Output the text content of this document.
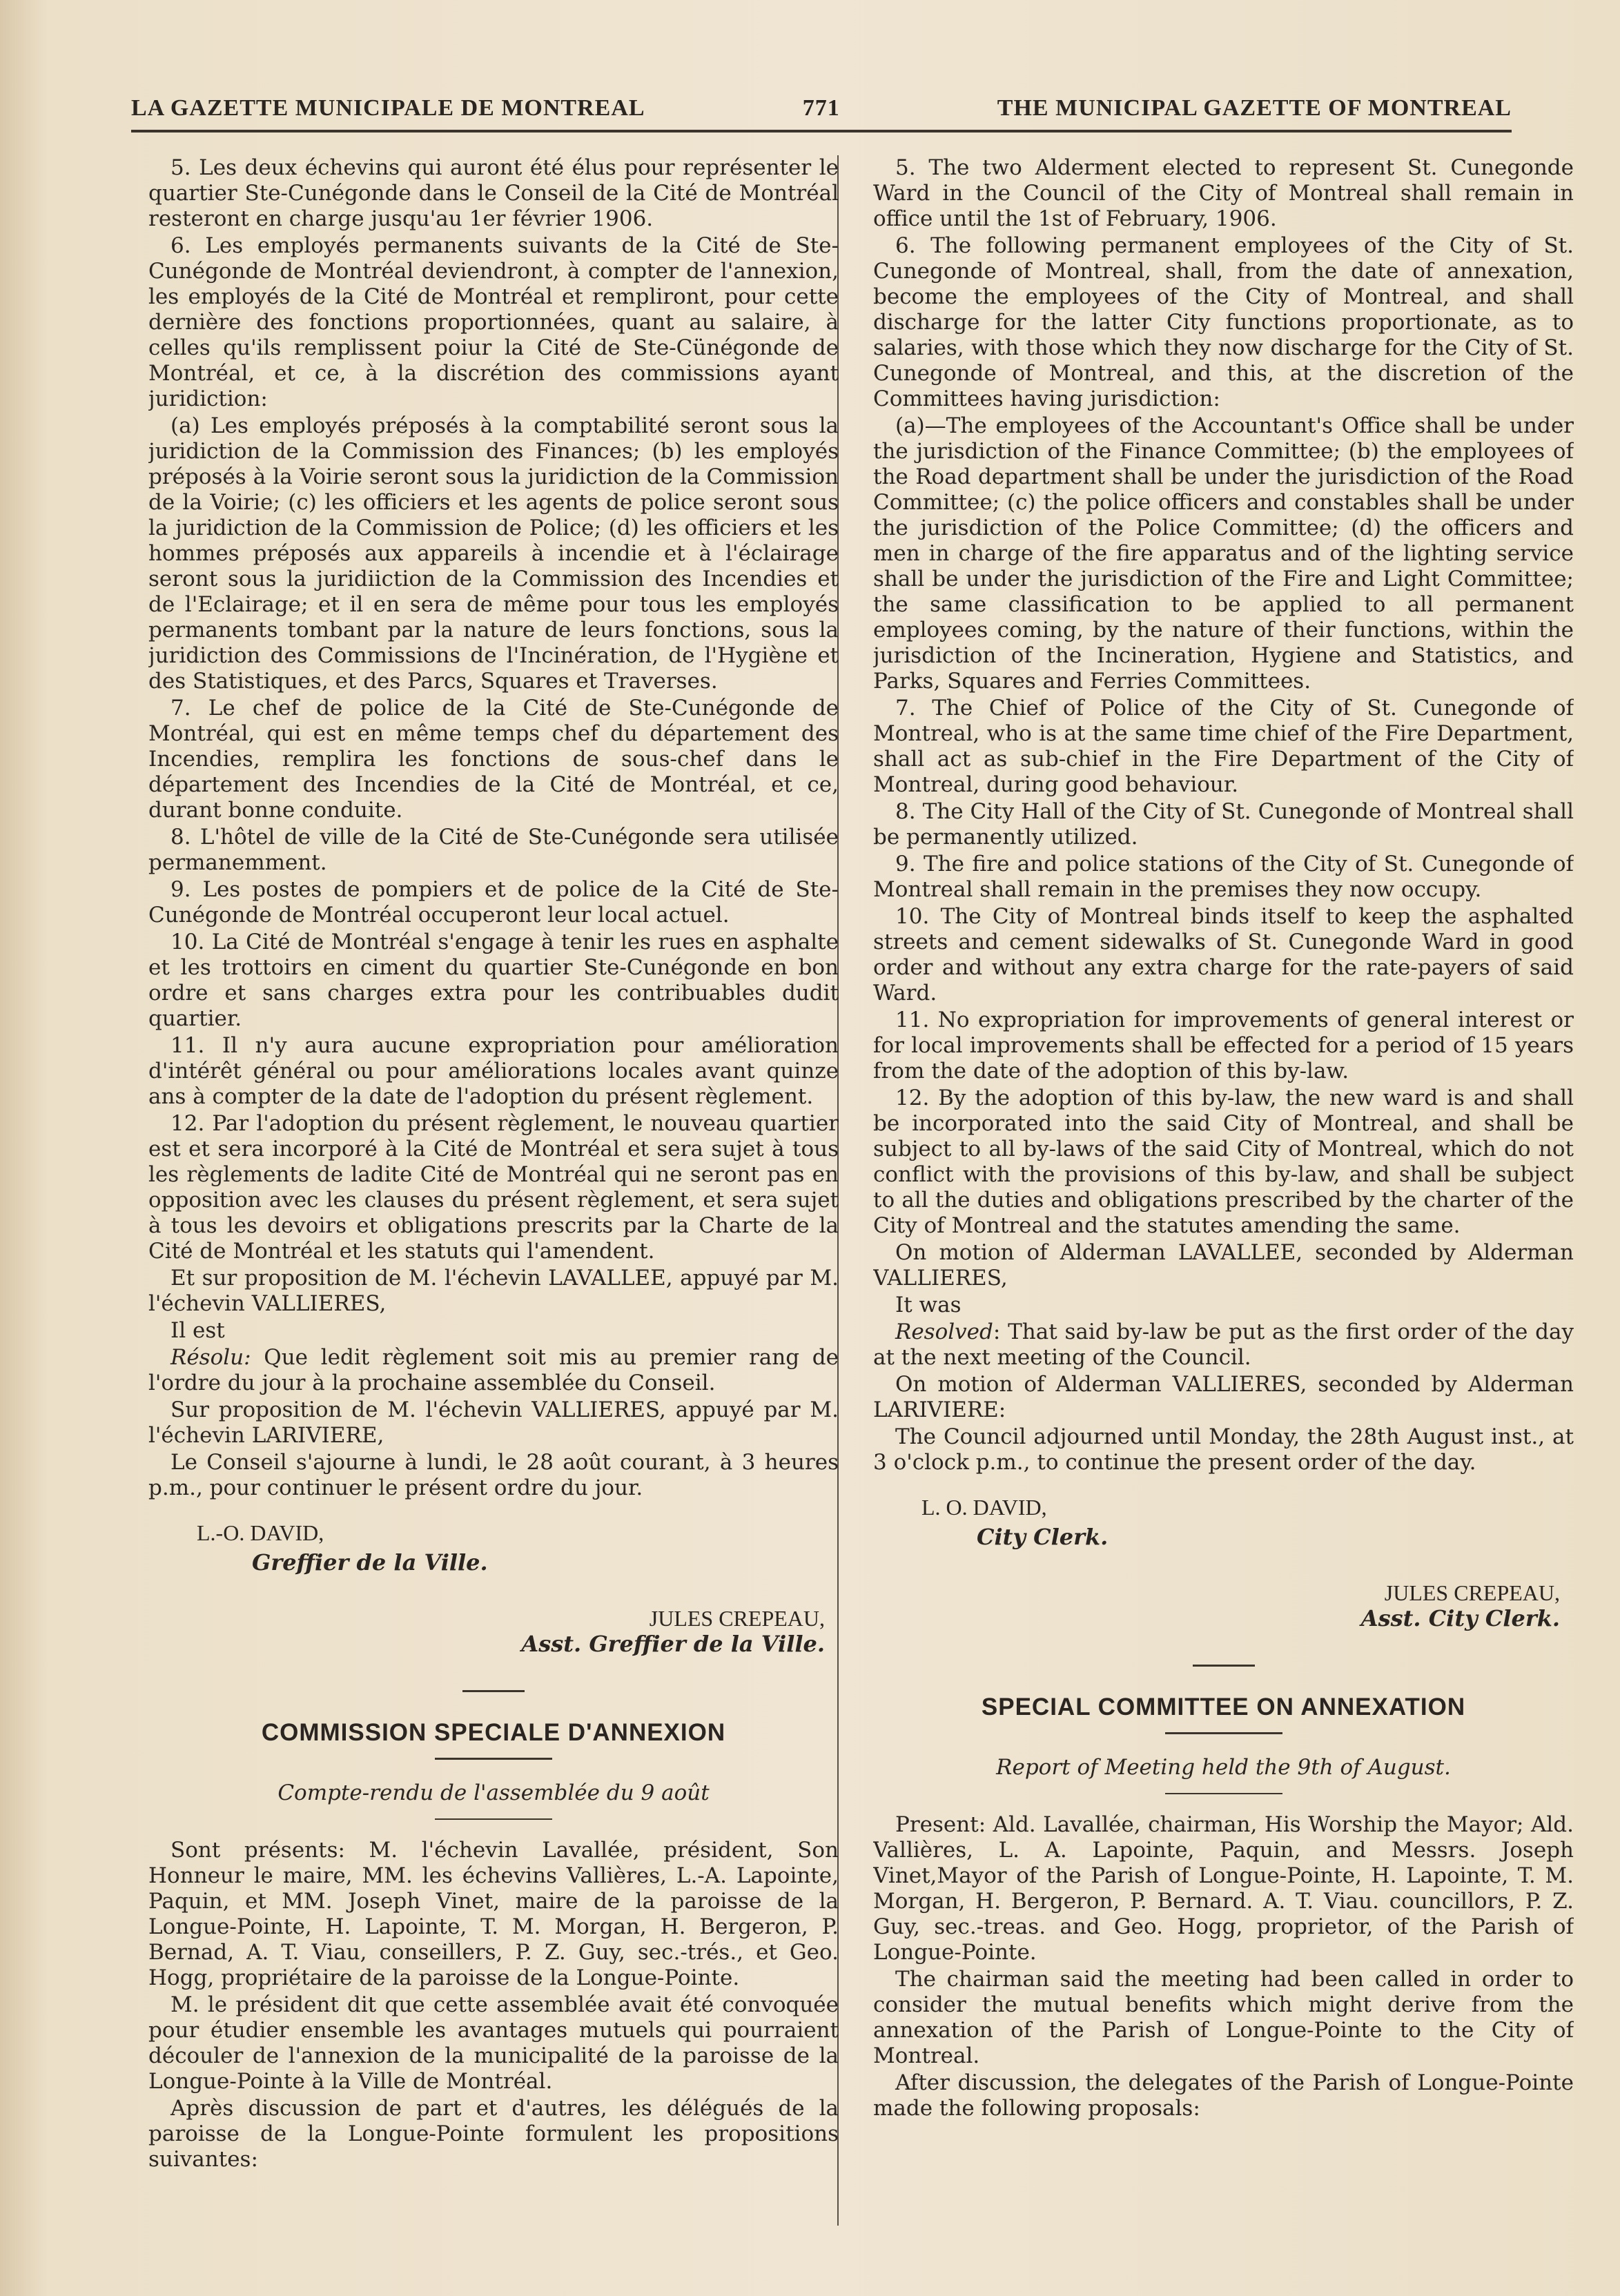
LA GAZETTE MUNICIPALE DE MONTREAL	771	THE MUNICIPAL GAZETTE OF MONTREAL

5. Les deux échevins qui auront été élus pour représenter le quartier Ste-Cunégonde dans le Conseil de la Cité de Montréal resteront en charge jusqu'au 1er février 1906.

6. Les employés permanents suivants de la Cité de Ste-Cunégonde de Montréal deviendront, à compter de l'annexion, les employés de la Cité de Montréal et rempliront, pour cette dernière des fonctions proportionnées, quant au salaire, à celles qu'ils remplissent poiur la Cité de Ste-Cünégonde de Montréal, et ce, à la discrétion des commissions ayant juridiction:

(a) Les employés préposés à la comptabilité seront sous la juridiction de la Commission des Finances; (b) les employés préposés à la Voirie seront sous la juridiction de la Commission de la Voirie; (c) les officiers et les agents de police seront sous la juridiction de la Commission de Police; (d) les officiers et les hommes préposés aux appareils à incendie et à l'éclairage seront sous la juridiiction de la Commission des Incendies et de l'Eclairage; et il en sera de même pour tous les employés permanents tombant par la nature de leurs fonctions, sous la juridiction des Commissions de l'Incinération, de l'Hygiène et des Statistiques, et des Parcs, Squares et Traverses.

7. Le chef de police de la Cité de Ste-Cunégonde de Montréal, qui est en même temps chef du département des Incendies, remplira les fonctions de sous-chef dans le département des Incendies de la Cité de Montréal, et ce, durant bonne conduite.

8. L'hôtel de ville de la Cité de Ste-Cunégonde sera utilisée permanemment.

9. Les postes de pompiers et de police de la Cité de Ste-Cunégonde de Montréal occuperont leur local actuel.

10. La Cité de Montréal s'engage à tenir les rues en asphalte et les trottoirs en ciment du quartier Ste-Cunégonde en bon ordre et sans charges extra pour les contribuables dudit quartier.

11. Il n'y aura aucune expropriation pour amélioration d'intérêt général ou pour améliorations locales avant quinze ans à compter de la date de l'adoption du présent règlement.

12. Par l'adoption du présent règlement, le nouveau quartier est et sera incorporé à la Cité de Montréal et sera sujet à tous les règlements de ladite Cité de Montréal qui ne seront pas en opposition avec les clauses du présent règlement, et sera sujet à tous les devoirs et obligations prescrits par la Charte de la Cité de Montréal et les statuts qui l'amendent.

Et sur proposition de M. l'échevin LAVALLEE, appuyé par M. l'échevin VALLIERES,

Il est

Résolu: Que ledit règlement soit mis au premier rang de l'ordre du jour à la prochaine assemblée du Conseil.

Sur proposition de M. l'échevin VALLIERES, appuyé par M. l'échevin LARIVIERE,

Le Conseil s'ajourne à lundi, le 28 août courant, à 3 heures p.m., pour continuer le présent ordre du jour.

L.-O. DAVID,
Greffier de la Ville.
JULES CREPEAU,
Asst. Greffier de la Ville.
COMMISSION SPECIALE D'ANNEXION
Compte-rendu de l'assemblée du 9 août

Sont présents: M. l'échevin Lavallée, président, Son Honneur le maire, MM. les échevins Vallières, L.-A. Lapointe, Paquin, et MM. Joseph Vinet, maire de la paroisse de la Longue-Pointe, H. Lapointe, T. M. Morgan, H. Bergeron, P. Bernad, A. T. Viau, conseillers, P. Z. Guy, sec.-trés., et Geo. Hogg, propriétaire de la paroisse de la Longue-Pointe.

M. le président dit que cette assemblée avait été convoquée pour étudier ensemble les avantages mutuels qui pourraient découler de l'annexion de la municipalité de la paroisse de la Longue-Pointe à la Ville de Montréal.

Après discussion de part et d'autres, les délégués de la paroisse de la Longue-Pointe formulent les propositions suivantes:

5. The two Alderment elected to represent St. Cunegonde Ward in the Council of the City of Montreal shall remain in office until the 1st of February, 1906.

6. The following permanent employees of the City of St. Cunegonde of Montreal, shall, from the date of annexation, become the employees of the City of Montreal, and shall discharge for the latter City functions proportionate, as to salaries, with those which they now discharge for the City of St. Cunegonde of Montreal, and this, at the discretion of the Committees having jurisdiction:

(a)—The employees of the Accountant's Office shall be under the jurisdiction of the Finance Committee; (b) the employees of the Road department shall be under the jurisdiction of the Road Committee; (c) the police officers and constables shall be under the jurisdiction of the Police Committee; (d) the officers and men in charge of the fire apparatus and of the lighting service shall be under the jurisdiction of the Fire and Light Committee; the same classification to be applied to all permanent employees coming, by the nature of their functions, within the jurisdiction of the Incineration, Hygiene and Statistics, and Parks, Squares and Ferries Committees.

7. The Chief of Police of the City of St. Cunegonde of Montreal, who is at the same time chief of the Fire Department, shall act as sub-chief in the Fire Department of the City of Montreal, during good behaviour.

8. The City Hall of the City of St. Cunegonde of Montreal shall be permanently utilized.

9. The fire and police stations of the City of St. Cunegonde of Montreal shall remain in the premises they now occupy.

10. The City of Montreal binds itself to keep the asphalted streets and cement sidewalks of St. Cunegonde Ward in good order and without any extra charge for the rate-payers of said Ward.

11. No expropriation for improvements of general interest or for local improvements shall be effected for a period of 15 years from the date of the adoption of this by-law.

12. By the adoption of this by-law, the new ward is and shall be incorporated into the said City of Montreal, and shall be subject to all by-laws of the said City of Montreal, which do not conflict with the provisions of this by-law, and shall be subject to all the duties and obligations prescribed by the charter of the City of Montreal and the statutes amending the same.

On motion of Alderman LAVALLEE, seconded by Alderman VALLIERES,

It was

Resolved: That said by-law be put as the first order of the day at the next meeting of the Council.

On motion of Alderman VALLIERES, seconded by Alderman LARIVIERE:

The Council adjourned until Monday, the 28th August inst., at 3 o'clock p.m., to continue the present order of the day.

L. O. DAVID,
City Clerk.
JULES CREPEAU,
Asst. City Clerk.
SPECIAL COMMITTEE ON ANNEXATION
Report of Meeting held the 9th of August.

Present: Ald. Lavallée, chairman, His Worship the Mayor; Ald. Vallières, L. A. Lapointe, Paquin, and Messrs. Joseph Vinet,Mayor of the Parish of Longue-Pointe, H. Lapointe, T. M. Morgan, H. Bergeron, P. Bernard. A. T. Viau. councillors, P. Z. Guy, sec.-treas. and Geo. Hogg, proprietor, of the Parish of Longue-Pointe.

The chairman said the meeting had been called in order to consider the mutual benefits which might derive from the annexation of the Parish of Longue-Pointe to the City of Montreal.

After discussion, the delegates of the Parish of Longue-Pointe made the following proposals:
